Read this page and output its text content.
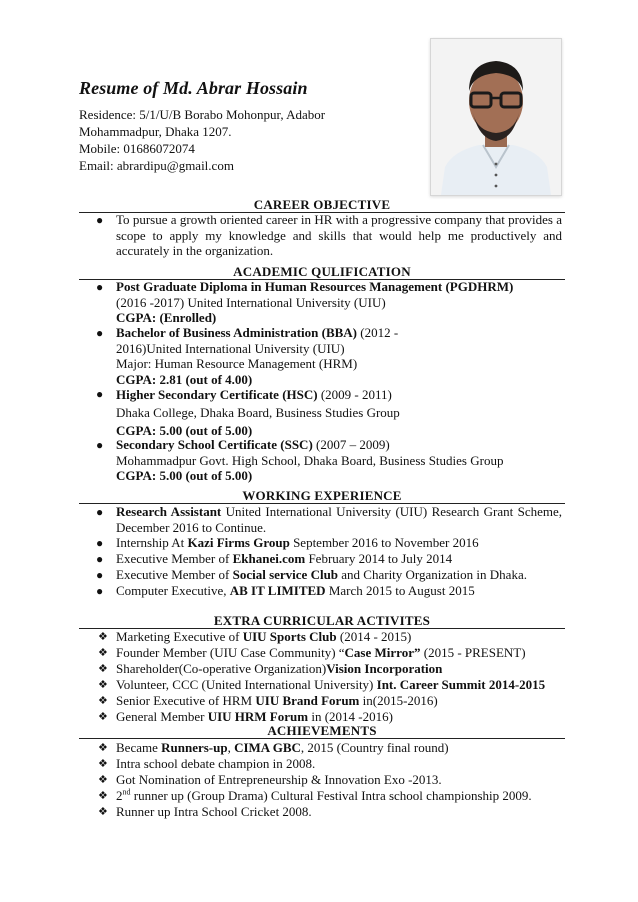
Resume of Md. Abrar Hossain
Residence: 5/1/U/B Borabo Mohonpur, Adabor
Mohammadpur, Dhaka 1207.
Mobile: 01686072074
Email: abrardipu@gmail.com
CAREER OBJECTIVE
● To pursue a growth oriented career in HR with a progressive company that provides a scope to apply my knowledge and skills that would help me productively and accurately in the organization.
ACADEMIC QULIFICATION
● Post Graduate Diploma in Human Resources Management (PGDHRM)
(2016 -2017) United International University (UIU)
CGPA: (Enrolled)
● Bachelor of Business Administration (BBA) (2012 -
2016)United International University (UIU)
Major: Human Resource Management (HRM)
CGPA: 2.81 (out of 4.00)
● Higher Secondary Certificate (HSC) (2009 - 2011)
Dhaka College, Dhaka Board, Business Studies Group
CGPA: 5.00 (out of 5.00)
● Secondary School Certificate (SSC) (2007 – 2009)
Mohammadpur Govt. High School, Dhaka Board, Business Studies Group
CGPA: 5.00 (out of 5.00)
WORKING EXPERIENCE
● Research Assistant United International University (UIU) Research Grant Scheme, December 2016 to Continue.
● Internship At Kazi Firms Group September 2016 to November 2016
● Executive Member of Ekhanei.com February 2014 to July 2014
● Executive Member of Social service Club and Charity Organization in Dhaka.
● Computer Executive, AB IT LIMITED March 2015 to August 2015
EXTRA CURRICULAR ACTIVITES
❖ Marketing Executive of UIU Sports Club (2014 - 2015)
❖ Founder Member (UIU Case Community) “Case Mirror” (2015 - PRESENT)
❖ Shareholder(Co-operative Organization)Vision Incorporation
❖ Volunteer, CCC (United International University) Int. Career Summit 2014-2015
❖ Senior Executive of HRM UIU Brand Forum in(2015-2016)
❖ General Member UIU HRM Forum in (2014 -2016)
ACHIEVEMENTS
❖ Became Runners-up, CIMA GBC, 2015 (Country final round)
❖ Intra school debate champion in 2008.
❖ Got Nomination of Entrepreneurship & Innovation Exo -2013.
❖ 2nd runner up (Group Drama) Cultural Festival Intra school championship 2009.
❖ Runner up Intra School Cricket 2008.
